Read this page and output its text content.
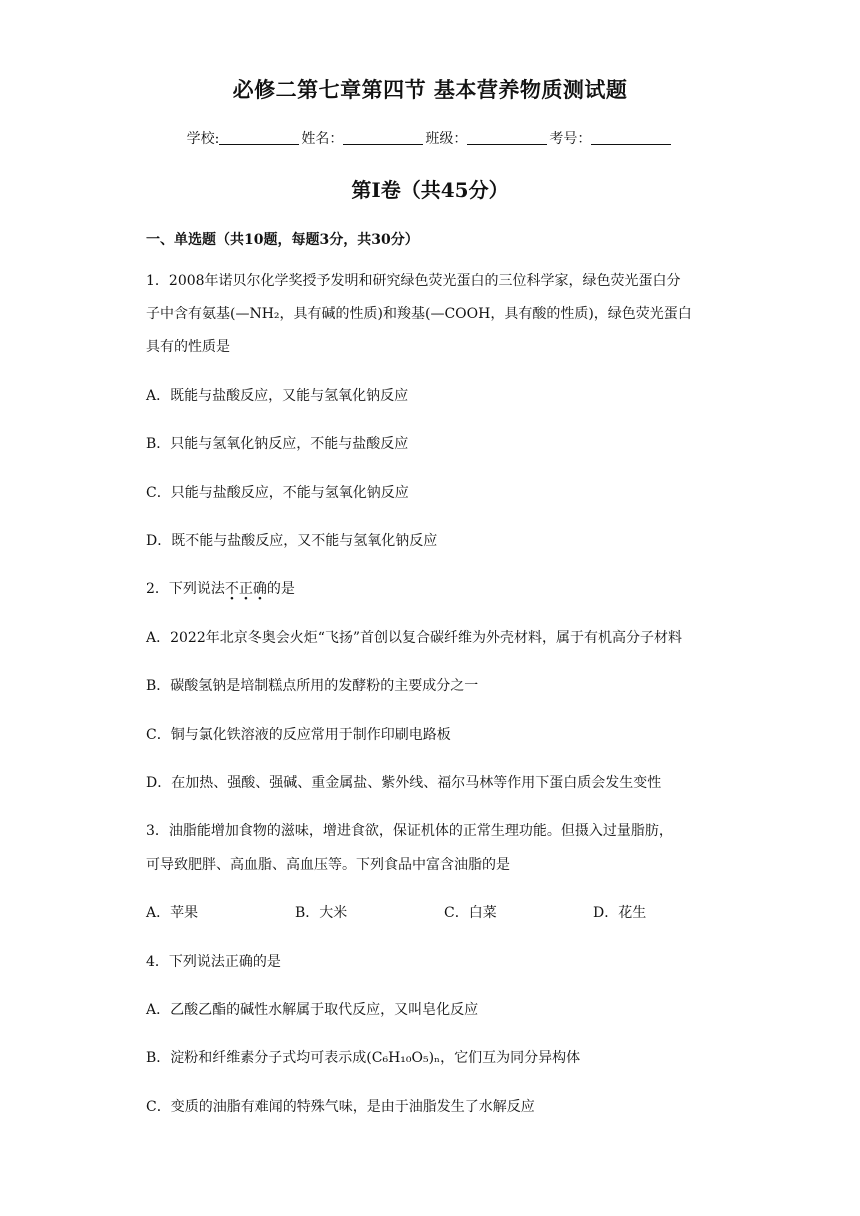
必修二第七章第四节 基本营养物质测试题
学校:	姓名：	班级：	考号：
第Ⅰ卷（共45分）
一、单选题（共10题，每题3分，共30分）
1．2008年诺贝尔化学奖授予发明和研究绿色荧光蛋白的三位科学家，绿色荧光蛋白分
子中含有氨基(—NH₂，具有碱的性质)和羧基(—COOH，具有酸的性质)，绿色荧光蛋白
具有的性质是
A．既能与盐酸反应，又能与氢氧化钠反应
B．只能与氢氧化钠反应，不能与盐酸反应
C．只能与盐酸反应，不能与氢氧化钠反应
D．既不能与盐酸反应，又不能与氢氧化钠反应
2．下列说法不正确的是
A．2022年北京冬奥会火炬“飞扬”首创以复合碳纤维为外壳材料，属于有机高分子材料
B．碳酸氢钠是培制糕点所用的发酵粉的主要成分之一
C．铜与氯化铁溶液的反应常用于制作印刷电路板
D．在加热、强酸、强碱、重金属盐、紫外线、福尔马林等作用下蛋白质会发生变性
3．油脂能增加食物的滋味，增进食欲，保证机体的正常生理功能。但摄入过量脂肪，
可导致肥胖、高血脂、高血压等。下列食品中富含油脂的是
A．苹果	B．大米	C．白菜	D．花生
4．下列说法正确的是
A．乙酸乙酯的碱性水解属于取代反应，又叫皂化反应
B．淀粉和纤维素分子式均可表示成(C₆H₁₀O₅)ₙ，它们互为同分异构体
C．变质的油脂有难闻的特殊气味，是由于油脂发生了水解反应
